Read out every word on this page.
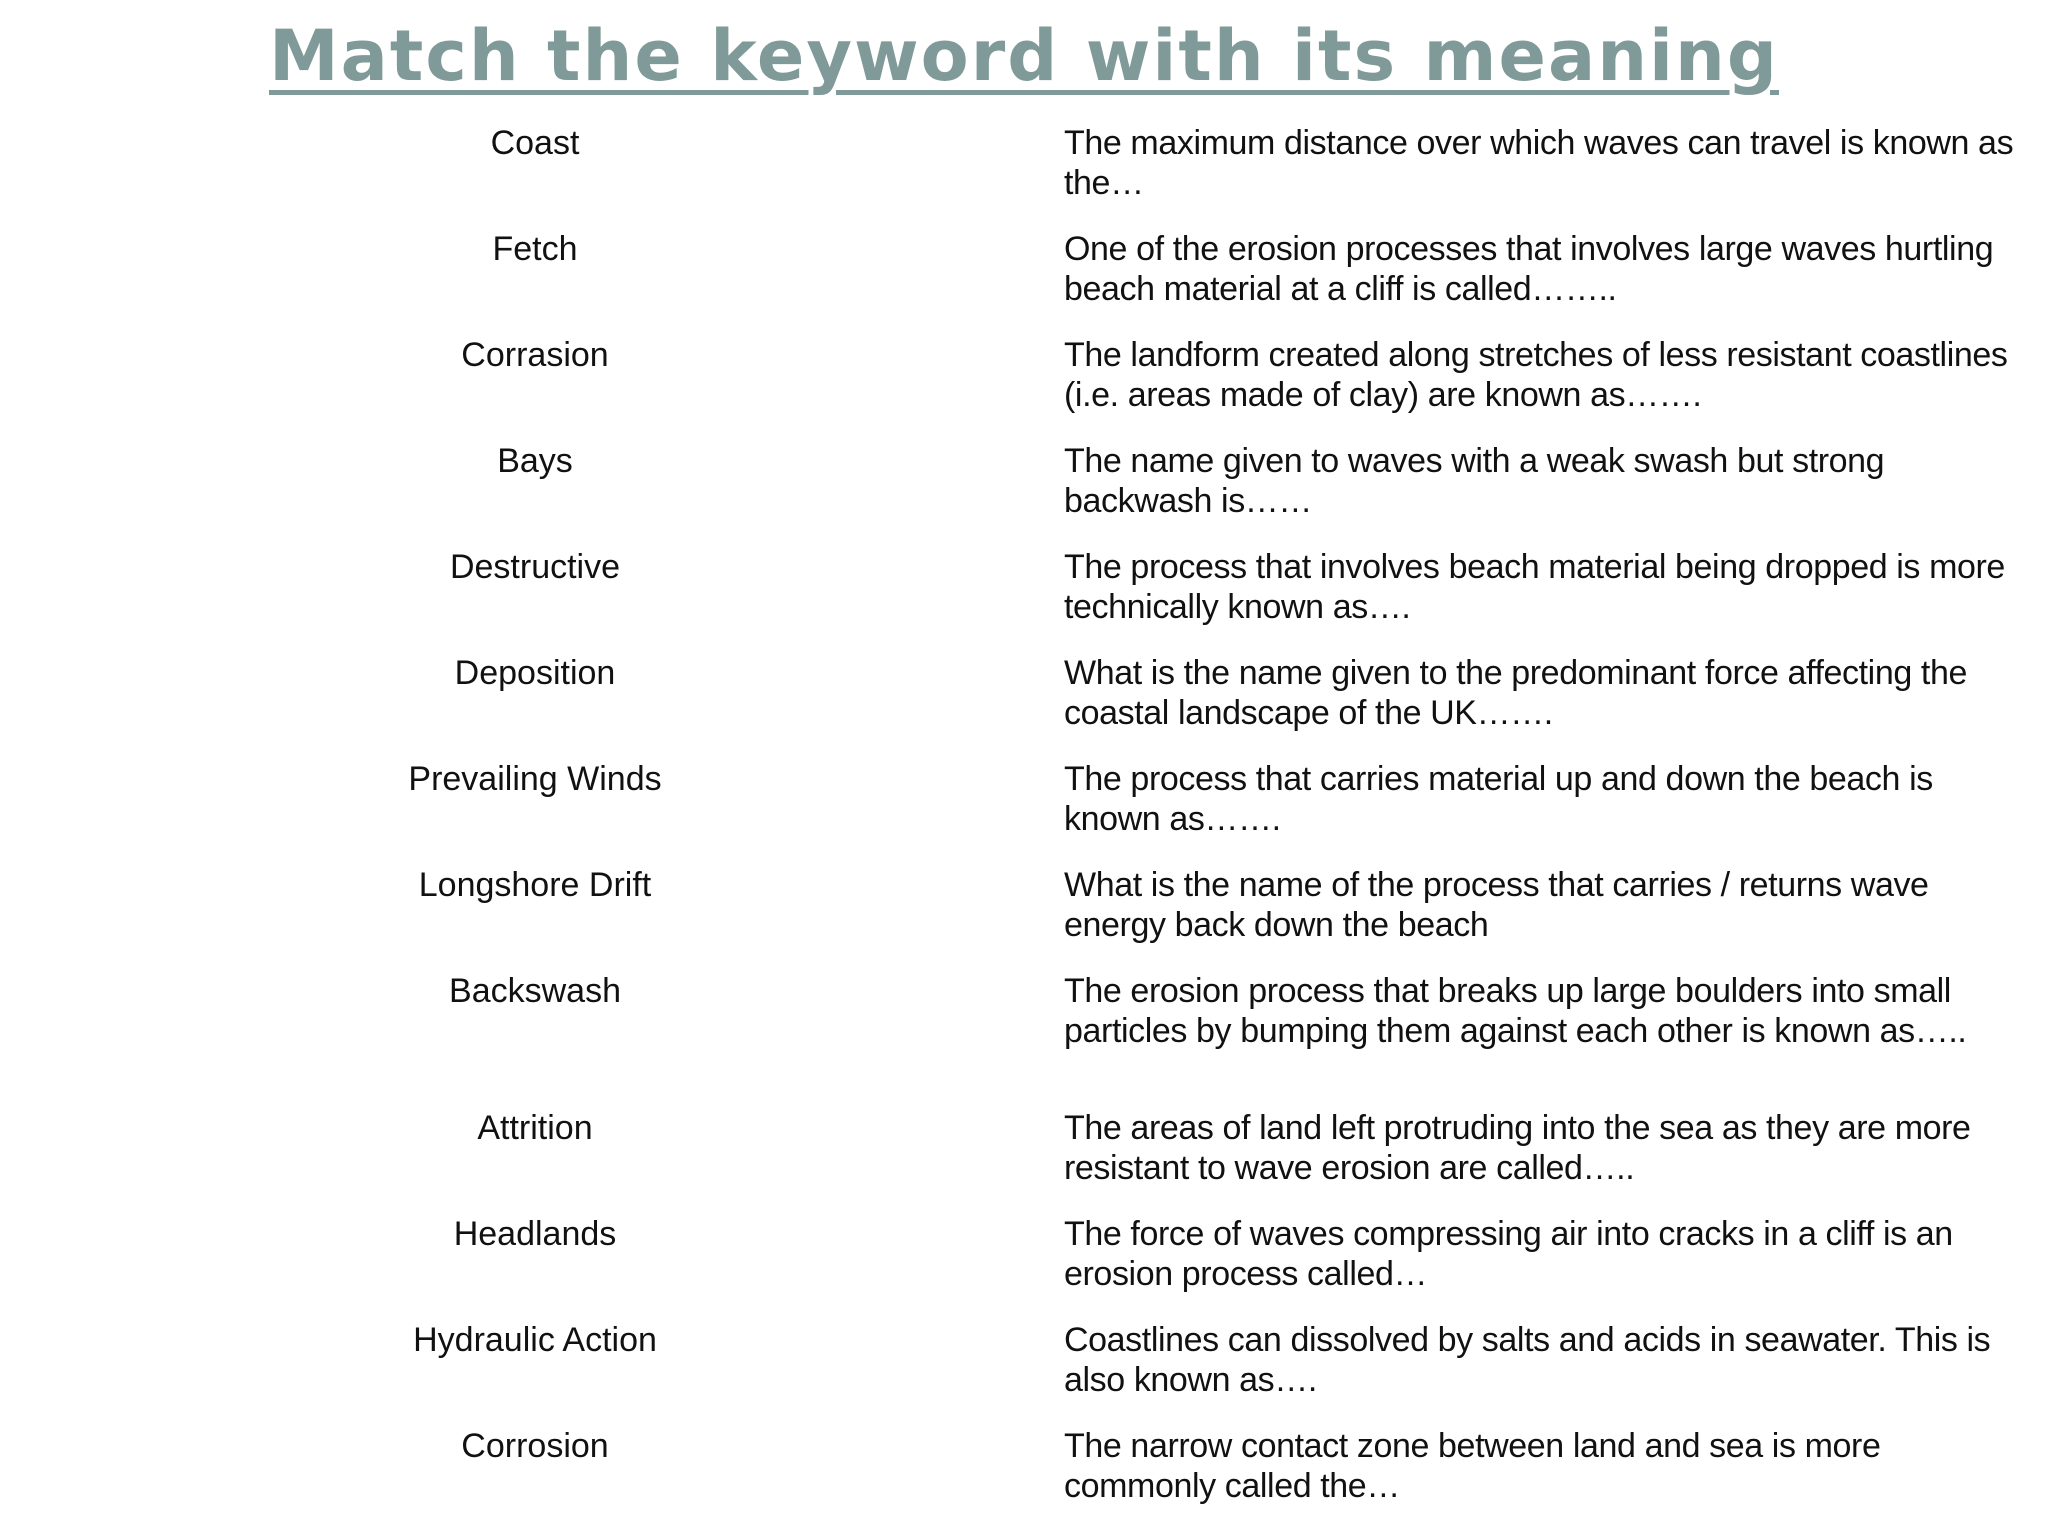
Match the keyword with its meaning
Coast	The maximum distance over which waves can travel is known as the…
Fetch	One of the erosion processes that involves large waves hurtling beach material at a cliff is called……..
Corrasion	The landform created along stretches of less resistant coastlines (i.e. areas made of clay) are known as…….
Bays	The name given to waves with a weak swash but strong backwash is……
Destructive	The process that involves beach material being dropped is more technically known as….
Deposition	What is the name given to the predominant force affecting the coastal landscape of the UK…….
Prevailing Winds	The process that carries material up and down the beach is known as…….
Longshore Drift	What is the name of the process that carries / returns wave energy back down the beach
Backswash	The erosion process that breaks up large boulders into small particles by bumping them against each other is known as…..
Attrition	The areas of land left protruding into the sea as they are more resistant to wave erosion are called…..
Headlands	The force of waves compressing air into cracks in a cliff is an erosion process called…
Hydraulic Action	Coastlines can dissolved by salts and acids in seawater. This is also known as….
Corrosion	The narrow contact zone between land and sea is more commonly called the…
